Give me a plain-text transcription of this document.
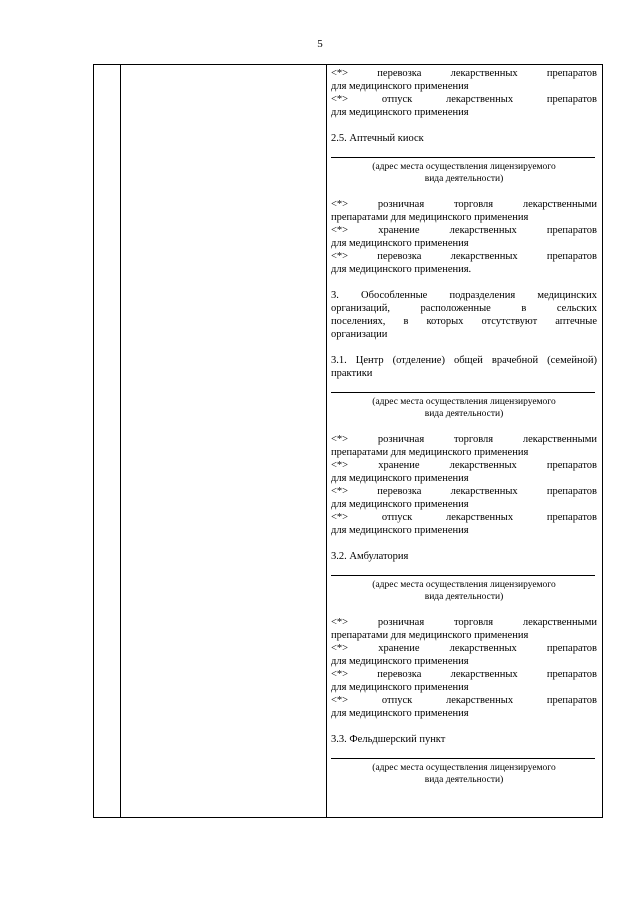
5
<*> перевозка лекарственных препаратов
для медицинского применения
<*> отпуск лекарственных препаратов
для медицинского применения
2.5. Аптечный киоск
(адрес места осуществления лицензируемого
вида деятельности)
<*> розничная торговля лекарственными
препаратами для медицинского применения
<*> хранение лекарственных препаратов
для медицинского применения
<*> перевозка лекарственных препаратов
для медицинского применения.
3. Обособленные подразделения медицинских
организаций, расположенные в сельских
поселениях, в которых отсутствуют аптечные
организации
3.1. Центр (отделение) общей врачебной (семейной)
практики
(адрес места осуществления лицензируемого
вида деятельности)
<*> розничная торговля лекарственными
препаратами для медицинского применения
<*> хранение лекарственных препаратов
для медицинского применения
<*> перевозка лекарственных препаратов
для медицинского применения
<*> отпуск лекарственных препаратов
для медицинского применения
3.2. Амбулатория
(адрес места осуществления лицензируемого
вида деятельности)
<*> розничная торговля лекарственными
препаратами для медицинского применения
<*> хранение лекарственных препаратов
для медицинского применения
<*> перевозка лекарственных препаратов
для медицинского применения
<*> отпуск лекарственных препаратов
для медицинского применения
3.3. Фельдшерский пункт
(адрес места осуществления лицензируемого
вида деятельности)
